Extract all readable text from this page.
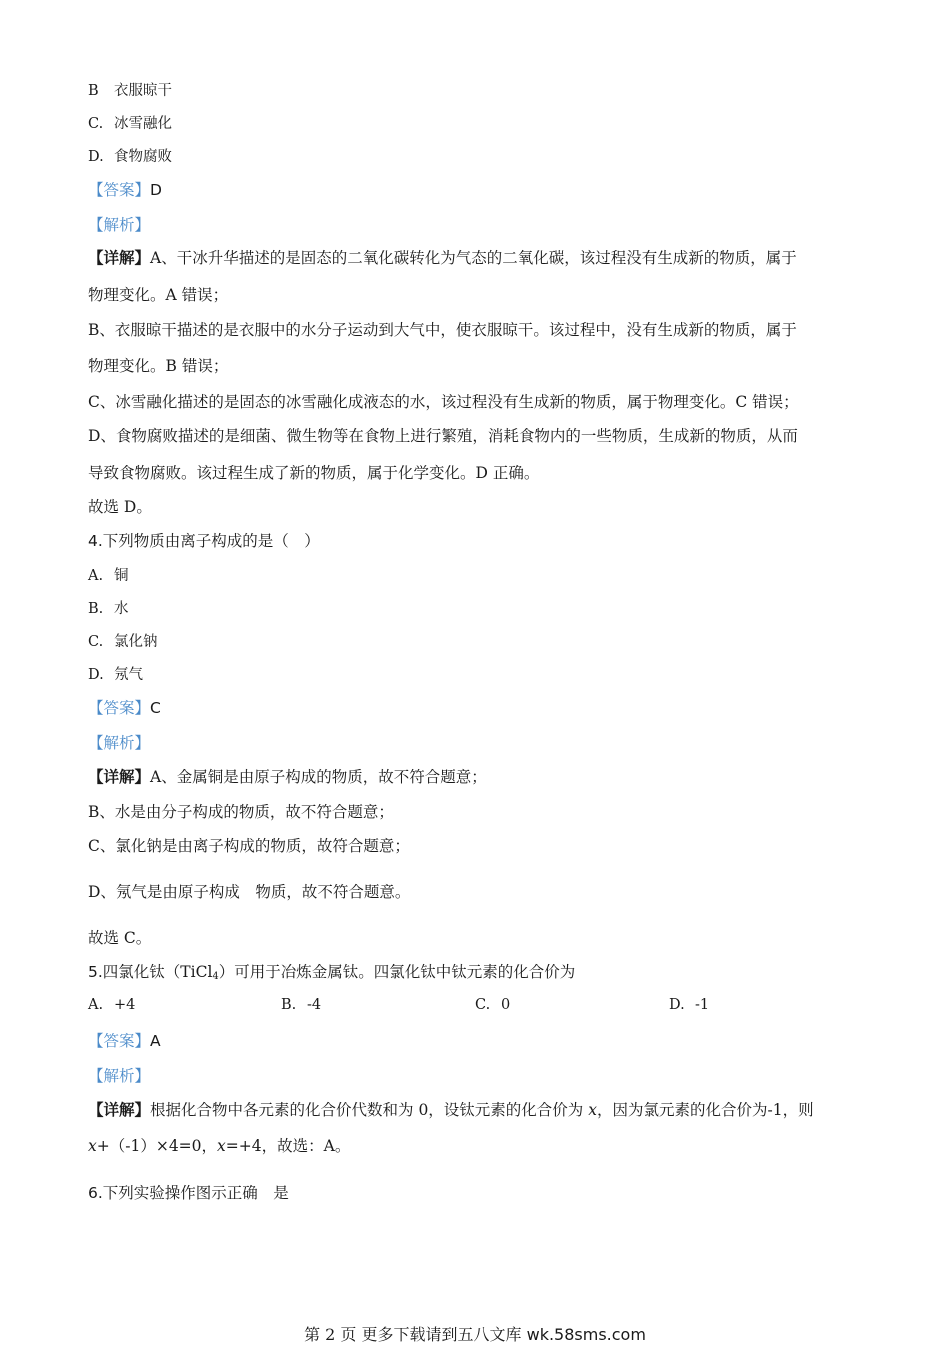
B 衣服晾干
C. 冰雪融化
D. 食物腐败
【答案】D
【解析】
【详解】A、干冰升华描述的是固态的二氧化碳转化为气态的二氧化碳，该过程没有生成新的物质，属于
物理变化。A 错误；
B、衣服晾干描述的是衣服中的水分子运动到大气中，使衣服晾干。该过程中，没有生成新的物质，属于
物理变化。B 错误；
C、冰雪融化描述的是固态的冰雪融化成液态的水，该过程没有生成新的物质，属于物理变化。C 错误；
D、食物腐败描述的是细菌、微生物等在食物上进行繁殖，消耗食物内的一些物质，生成新的物质，从而
导致食物腐败。该过程生成了新的物质，属于化学变化。D 正确。
故选 D。
4.下列物质由离子构成的是（　）
A. 铜
B. 水
C. 氯化钠
D. 氖气
【答案】C
【解析】
【详解】A、金属铜是由原子构成的物质，故不符合题意；
B、水是由分子构成的物质，故不符合题意；
C、氯化钠是由离子构成的物质，故符合题意；
D、氖气是由原子构成　物质，故不符合题意。
故选 C。
5.四氯化钛（TiCl$_4$）可用于冶炼金属钛。四氯化钛中钛元素的化合价为
A. +4	B. -4	C. 0	D. -1
【答案】A
【解析】
【详解】根据化合物中各元素的化合价代数和为 0，设钛元素的化合价为 x，因为氯元素的化合价为-1，则
x+（-1）×4=0，x=+4，故选：A。
6.下列实验操作图示正确　是
第 2 页 更多下载请到五八文库 wk.58sms.com
